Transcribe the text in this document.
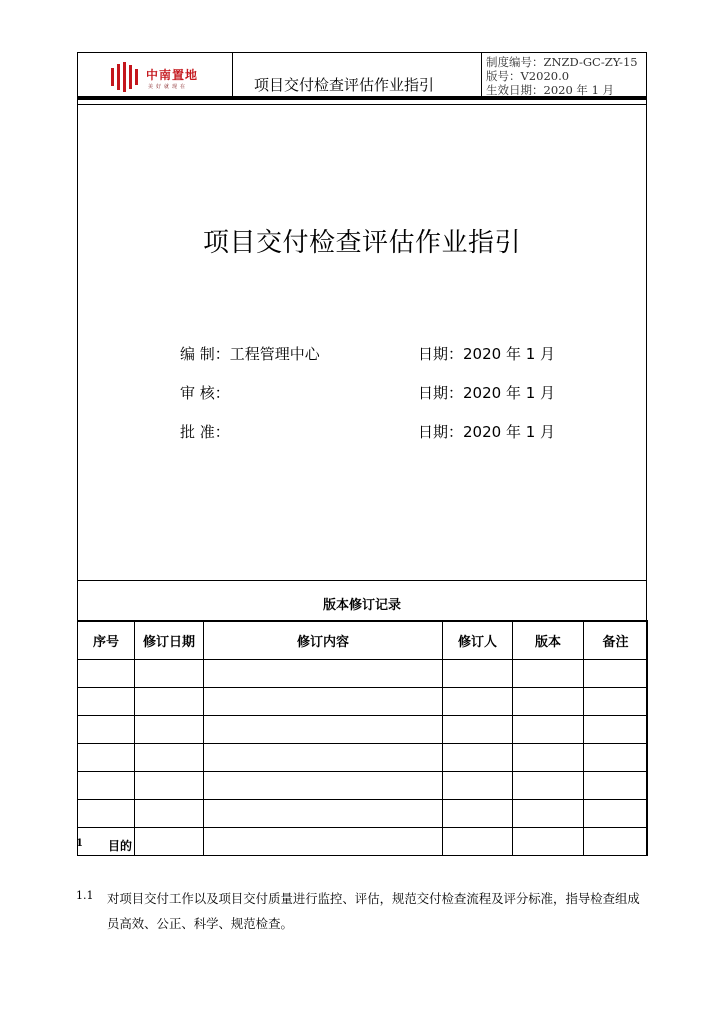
中南置地
美好就现在	项目交付检查评估作业指引
制度编号：ZNZD-GC-ZY-15
版号：V2020.0
生效日期：2020 年 1 月
项目交付检查评估作业指引
编 制：工程管理中心	日期：2020 年 1 月
审 核：	日期：2020 年 1 月
批 准：	日期：2020 年 1 月
版本修订记录
序号	修订日期	修订内容	修订人	版本	备注

1 目的
1.1 对项目交付工作以及项目交付质量进行监控、评估，规范交付检查流程及评分标准，指导检查组成员高效、公正、科学、规范检查。
